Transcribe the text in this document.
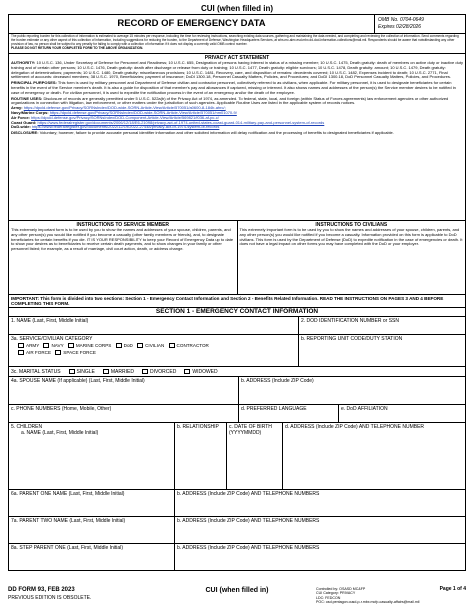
CUI (when filled in)
RECORD OF EMERGENCY DATA	OMB No. 0704-0649
Expires 02/28/2026
The public reporting burden for this collection of information is estimated to average 15 minutes per response, including the time for reviewing instructions, searching existing data sources, gathering and maintaining the data needed, and completing and reviewing the collection of information. Send comments regarding the burden estimate or any other aspect of this collection of information, including suggestions for reducing the burden, to the Department of Defense, Washington Headquarters Services, at whs.mc-alex.esd.mbx.dd-dod-information-collections@mail.mil. Respondents should be aware that notwithstanding any other provision of law, no person shall be subject to any penalty for failing to comply with a collection of information if it does not display a currently valid OMB control number.
PLEASE DO NOT RETURN YOUR COMPLETED FORM TO THE ABOVE ORGANIZATION.
PRIVACY ACT STATEMENT
AUTHORITY: 10 U.S.C. 136, Under Secretary of Defense for Personnel and Readiness; 10 U.S.C. 655, Designation of persons having interest in status of a missing member; 10 U.S.C. 1475, Death gratuity: death of members on active duty or inactive duty training and of certain other persons; 10 U.S.C. 1476, Death gratuity: death after discharge or release from duty or training; 10 U.S.C. 1477, Death gratuity: eligible survivors; 10 U.S.C. 1478, Death gratuity: amount; 10 U.S.C. 1479, Death gratuity: delegation of determinations; payments; 10 U.S.C. 1480, Death gratuity: miscellaneous provisions; 10 U.S.C. 1481, Recovery, care, and disposition of remains: decedents covered; 10 U.S.C. 1482, Expenses incident to death; 10 U.S.C. 2771, Final settlement of accounts: deceased members; 38 U.S.C. 1970, Beneficiaries; payment of insurance; DoDI 1300.18, Personnel Casualty Matters, Policies, and Procedures; and DoDI 1300.18, DoD Personnel Casualty Matters, Policies, and Procedures.
PRINCIPAL PURPOSES: This form is used by military personnel and Department of Defense civilian and contractor personnel, collectively referred to as civilians, when applicable. For military personnel, it is used to designate beneficiaries for certain benefits in the event of the Service member's death. It is also a guide for disposition of that member's pay and allowances if captured, missing or interned. It also shows names and addresses of the person(s) the Service member desires to be notified in case of emergency or death. For civilian personnel, it is used to expedite the notification process in the event of an emergency and/or the death of the employee.
ROUTINE USES: Disclosure of records are generally permitted under 5 U.S.C. 522a(b) of the Privacy Act of 1974, as amended. To federal, state, local, and foreign (within Status of Forces agreements) law enforcement agencies or other authorized organizations in connection with litigation, law enforcement, or other matters under the jurisdiction of such agencies. Applicable Routine Uses are listed in the applicable system of records notices.
Army: https://dpcld.defense.gov/Privacy/SORNsIndex/DOD-wide-SORN-Article-View/Article/570051/a0600-8-184b-ahrc/;
Navy/Marine Corps: https://dpcld.defense.gov/Privacy/SORNsIndex/DOD-wide-SORN-Article-View/Article/570051/nm01070-9/
Air Force: https://dpcld.defense.gov/Privacy/SORNsIndex/DOD-Component-Article-View/Article/569821/f036-af-pc-c/
Coast Guard: https://www.federalregister.gov/documents/2006/12/18/E6-21098/privacy-act-of-1974-united-states-coast-guard-014-military-pay-and-personnel-system-of-records
DoD-wide: https://www.federalregister.gov/documents/2022/12/19/2022-27448/privacy-act-of-1974-system-of-records
DISCLOSURE: Voluntary; however, failure to provide accurate personal identifier information and other solicited information will delay notification and the processing of benefits to designated beneficiaries if applicable.
INSTRUCTIONS TO SERVICE MEMBER
This extremely important form is to be used by you to show the names and addresses of your spouse, children, parents, and any other person(s) you would like notified if you become a casualty (other family members or friends), and, to designate beneficiaries for certain benefits if you die. IT IS YOUR RESPONSIBILITY to keep your Record of Emergency Data up to date to show your desires as to beneficiaries to receive certain death payments, and to show changes in your family or other personnel listed; for example, as a result of marriage, civil court action, death, or address change.
INSTRUCTIONS TO CIVILIANS
This extremely important form is to be used by you to show the names and addresses of your spouse, children, parents, and any other person(s) you would like notified if you become a casualty. Information provided on this form is applicable to DoD civilians. This form is used by the Department of Defense (DoD) to expedite notification in the case of emergencies or death. It does not have a legal impact on other forms you may have completed with the DoD or your employer.
IMPORTANT: This form is divided into two sections: Section 1 - Emergency Contact Information and Section 2 - Benefits Related Information. READ THE INSTRUCTIONS ON PAGES 3 AND 4 BEFORE COMPLETING THIS FORM.
SECTION 1 - EMERGENCY CONTACT INFORMATION
1. NAME (Last, First, Middle Initial)	2. DOD IDENTIFICATION NUMBER or SSN
3a. SERVICE/CIVILIAN CATEGORY
ARMY	NAVY	MARINE CORPS	DoD	CIVILIAN	CONTRACTOR
AIR FORCE	SPACE FORCE
b. REPORTING UNIT CODE/DUTY STATION
3c. MARITAL STATUS	SINGLE	MARRIED	DIVORCED	WIDOWED
4a. SPOUSE NAME (If applicable) (Last, First, Middle Initial)	b. ADDRESS (Include ZIP Code)
c. PHONE NUMBERS (Home, Mobile, Other)	d. PREFERRED LANGUAGE	e. DoD AFFILIATION
5. CHILDREN
a. NAME (Last, First, Middle Initial)
b. RELATIONSHIP	c. DATE OF BIRTH (YYYYMMDD)
d. ADDRESS (Include ZIP Code) AND TELEPHONE NUMBER
6a. PARENT ONE NAME (Last, First, Middle Initial)	b. ADDRESS (Include ZIP Code) AND TELEPHONE NUMBERS
7a. PARENT TWO NAME (Last, First, Middle Initial)	b. ADDRESS (Include ZIP Code) AND TELEPHONE NUMBERS
8a. STEP PARENT ONE (Last, First, Middle Initial)	b. ADDRESS (Include ZIP Code) AND TELEPHONE NUMBERS
DD FORM 93, FEB 2023
PREVIOUS EDITION IS OBSOLETE.
CUI (when filled in)	Controlled by: OSASD MC&FP
CUI Category: PRIVACY
LDC: FEDCON
POC: osd.pentagon.ousd-p-r.mbx.mcfp-casualty-affairs@mail.mil
Page 1 of 4
